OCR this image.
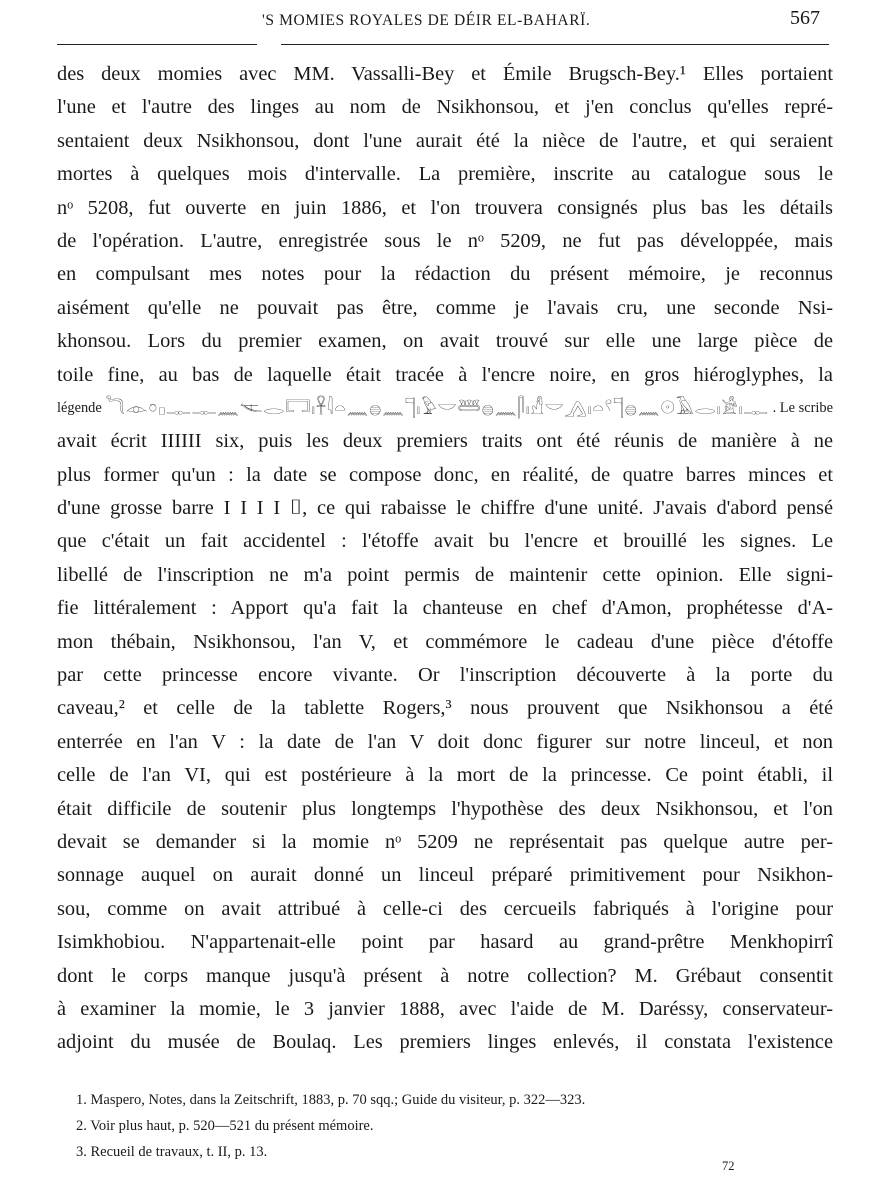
'S MOMIES ROYALES DE DÉIR EL-BAHARÏ.	567
des deux momies avec MM. Vassalli-Bey et Émile Brugsch-Bey.¹ Elles portaient
l'une et l'autre des linges au nom de Nsikhonsou, et j'en conclus qu'elles repré-
sentaient deux Nsikhonsou, dont l'une aurait été la nièce de l'autre, et qui seraient
mortes à quelques mois d'intervalle. La première, inscrite au catalogue sous le
nᵒ 5208, fut ouverte en juin 1886, et l'on trouvera consignés plus bas les détails
de l'opération. L'autre, enregistrée sous le nᵒ 5209, ne fut pas développée, mais
en compulsant mes notes pour la rédaction du présent mémoire, je reconnus
aisément qu'elle ne pouvait pas être, comme je l'avais cru, une seconde Nsi-
khonsou. Lors du premier examen, on avait trouvé sur elle une large pièce de
toile fine, au bas de laquelle était tracée à l'encre noire, en gros hiéroglyphes, la
légende 𓆓𓁹𓏌𓊪𓊃𓊃𓈖𓌻𓂋𓉐𓏤𓋹𓇋𓏏𓈖𓐍𓈖𓊹𓏤𓅱𓎟𓆷𓐍𓈖𓋴𓏤𓀭𓎟𓂻𓏤𓏏𓍢𓊹𓐍𓈖𓇳𓄿𓂋𓏤𓀀𓏤𓊃 . Le scribe
avait écrit IIIIII six, puis les deux premiers traits ont été réunis de manière à ne
plus former qu'un : la date se compose donc, en réalité, de quatre barres minces et
d'une grosse barre I I I I ⌷, ce qui rabaisse le chiffre d'une unité. J'avais d'abord pensé
que c'était un fait accidentel : l'étoffe avait bu l'encre et brouillé les signes. Le
libellé de l'inscription ne m'a point permis de maintenir cette opinion. Elle signi-
fie littéralement : Apport qu'a fait la chanteuse en chef d'Amon, prophétesse d'A-
mon thébain, Nsikhonsou, l'an V, et commémore le cadeau d'une pièce d'étoffe
par cette princesse encore vivante. Or l'inscription découverte à la porte du
caveau,² et celle de la tablette Rogers,³ nous prouvent que Nsikhonsou a été
enterrée en l'an V : la date de l'an V doit donc figurer sur notre linceul, et non
celle de l'an VI, qui est postérieure à la mort de la princesse. Ce point établi, il
était difficile de soutenir plus longtemps l'hypothèse des deux Nsikhonsou, et l'on
devait se demander si la momie nᵒ 5209 ne représentait pas quelque autre per-
sonnage auquel on aurait donné un linceul préparé primitivement pour Nsikhon-
sou, comme on avait attribué à celle-ci des cercueils fabriqués à l'origine pour
Isimkhobiou. N'appartenait-elle point par hasard au grand-prêtre Menkhopirrî
dont le corps manque jusqu'à présent à notre collection? M. Grébaut consentit
à examiner la momie, le 3 janvier 1888, avec l'aide de M. Daréssy, conservateur-
adjoint du musée de Boulaq. Les premiers linges enlevés, il constata l'existence
1. Maspero, Notes, dans la Zeitschrift, 1883, p. 70 sqq.; Guide du visiteur, p. 322—323.
2. Voir plus haut, p. 520—521 du présent mémoire.
3. Recueil de travaux, t. II, p. 13.
72
